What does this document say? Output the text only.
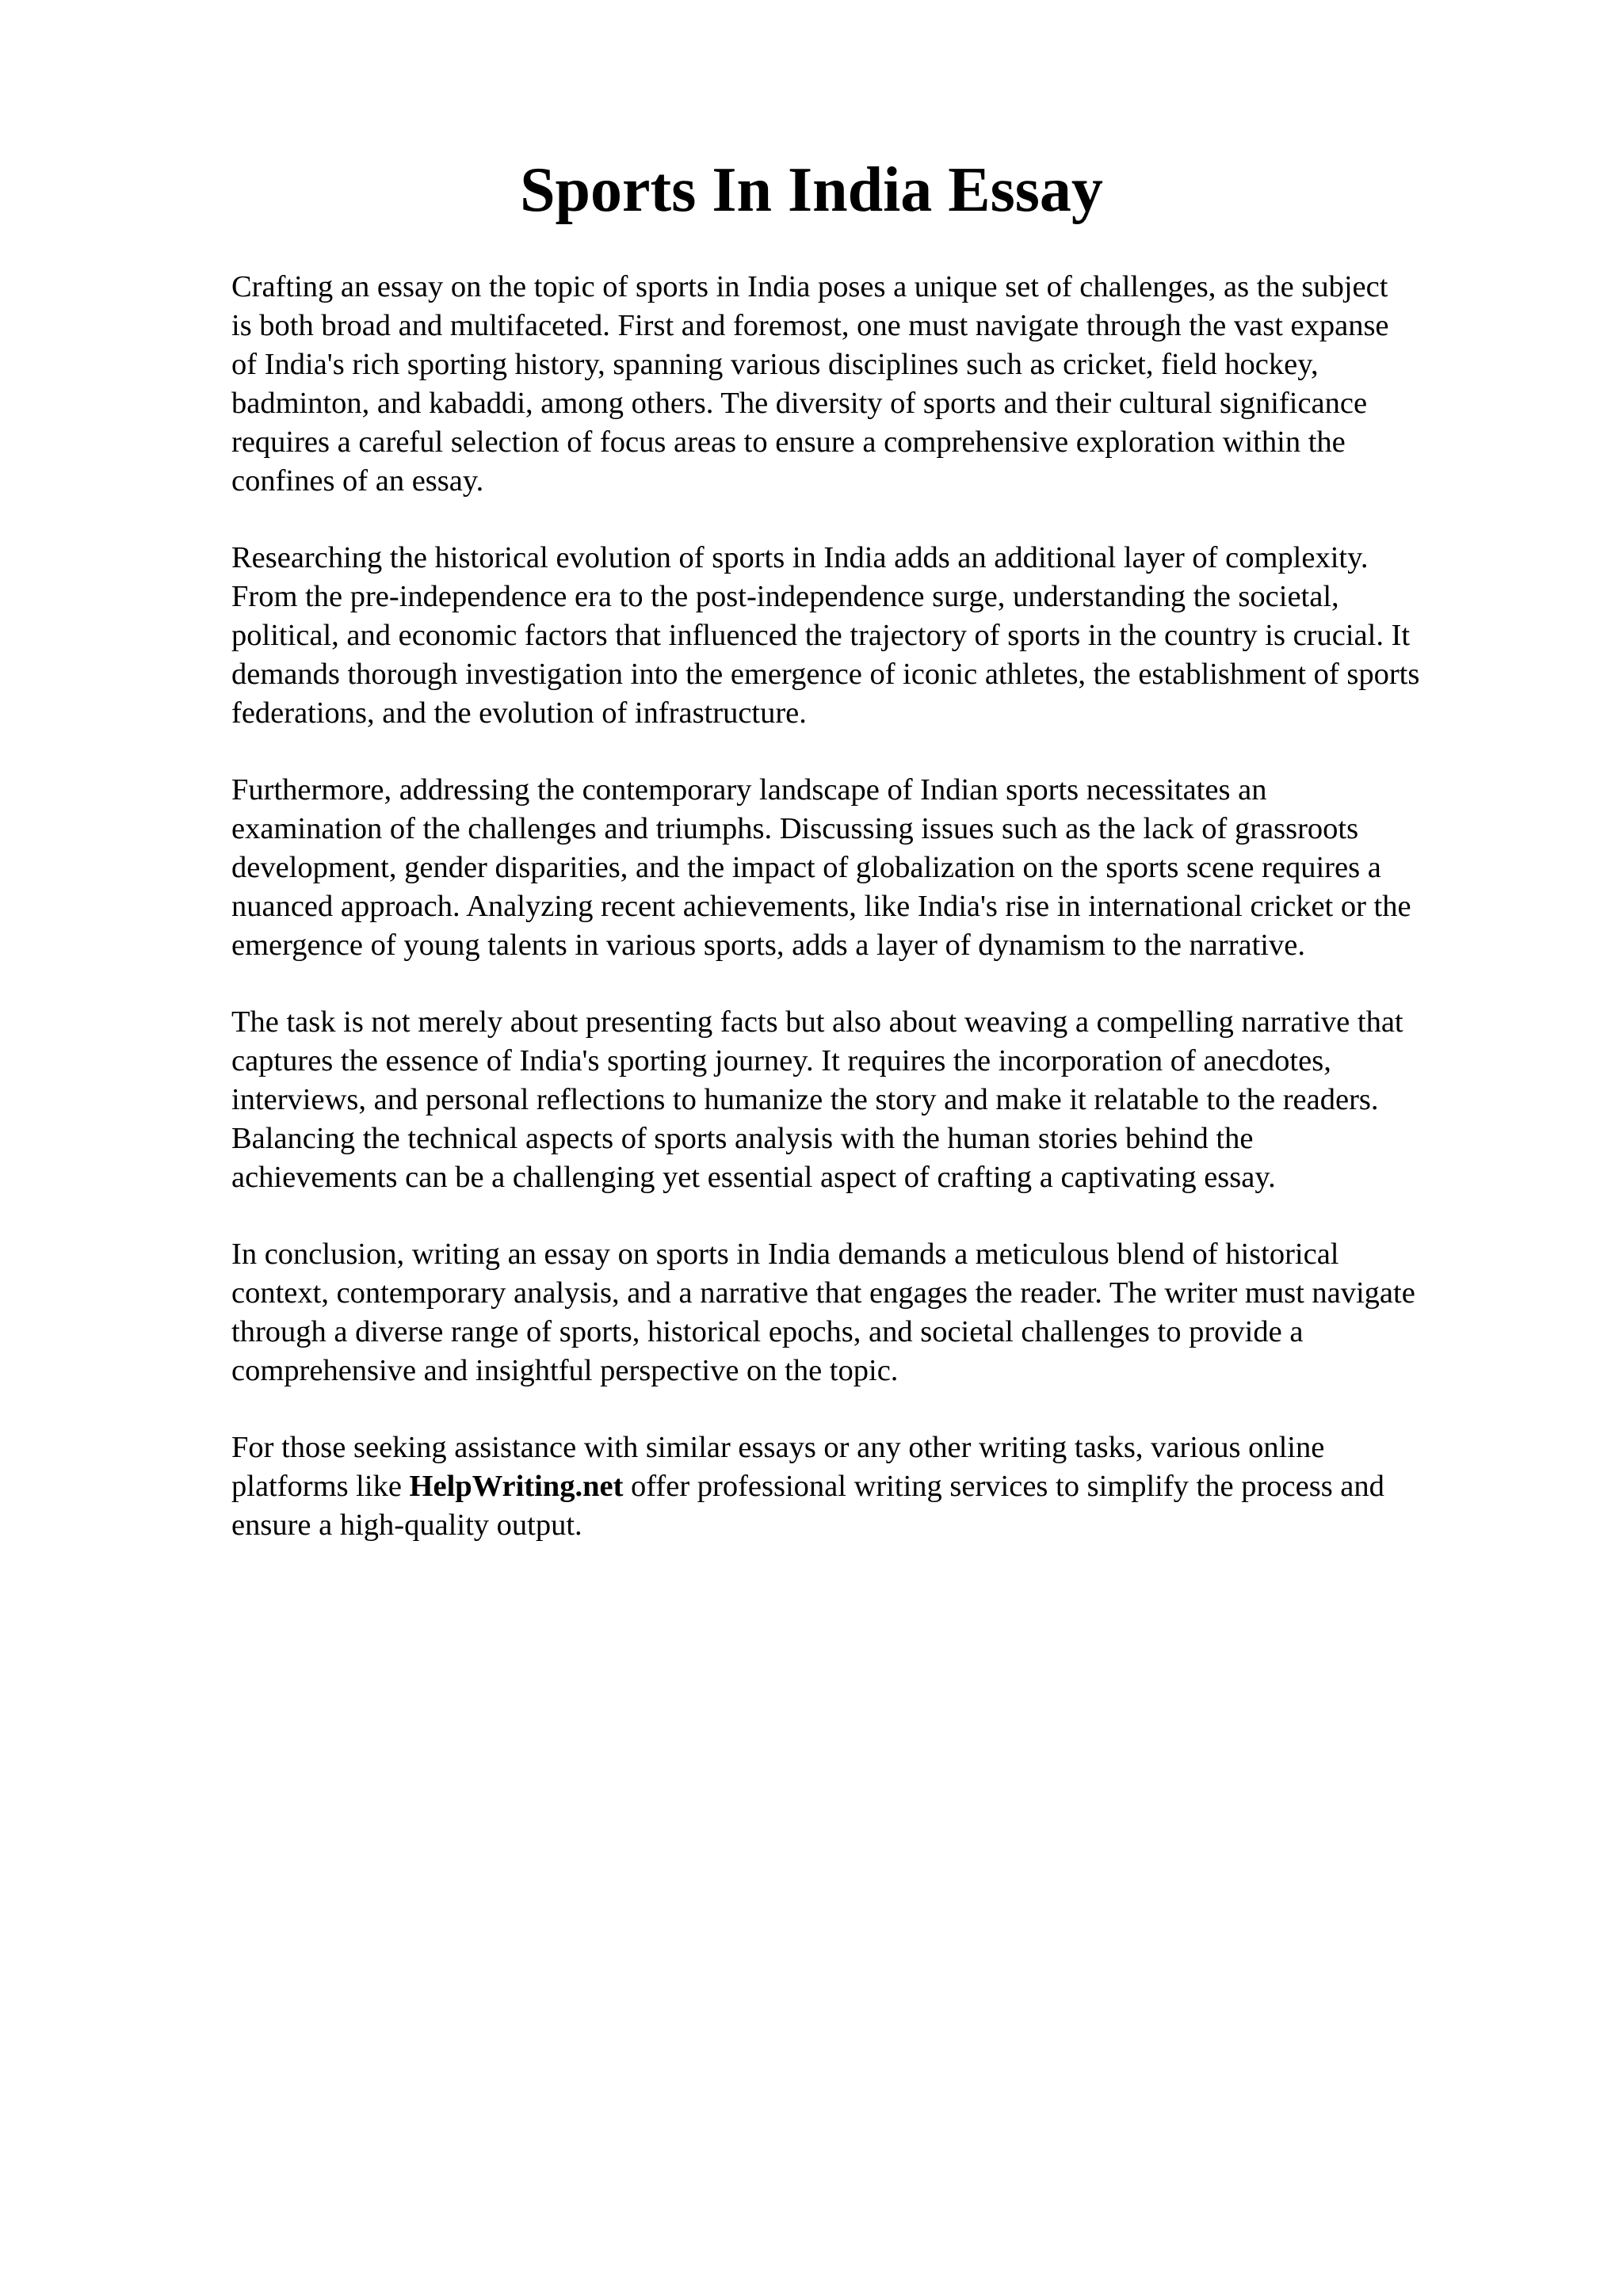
Sports In India Essay

Crafting an essay on the topic of sports in India poses a unique set of challenges, as the subject
is both broad and multifaceted. First and foremost, one must navigate through the vast expanse
of India's rich sporting history, spanning various disciplines such as cricket, field hockey,
badminton, and kabaddi, among others. The diversity of sports and their cultural significance
requires a careful selection of focus areas to ensure a comprehensive exploration within the
confines of an essay.

Researching the historical evolution of sports in India adds an additional layer of complexity.
From the pre-independence era to the post-independence surge, understanding the societal,
political, and economic factors that influenced the trajectory of sports in the country is crucial. It
demands thorough investigation into the emergence of iconic athletes, the establishment of sports
federations, and the evolution of infrastructure.

Furthermore, addressing the contemporary landscape of Indian sports necessitates an
examination of the challenges and triumphs. Discussing issues such as the lack of grassroots
development, gender disparities, and the impact of globalization on the sports scene requires a
nuanced approach. Analyzing recent achievements, like India's rise in international cricket or the
emergence of young talents in various sports, adds a layer of dynamism to the narrative.

The task is not merely about presenting facts but also about weaving a compelling narrative that
captures the essence of India's sporting journey. It requires the incorporation of anecdotes,
interviews, and personal reflections to humanize the story and make it relatable to the readers.
Balancing the technical aspects of sports analysis with the human stories behind the
achievements can be a challenging yet essential aspect of crafting a captivating essay.

In conclusion, writing an essay on sports in India demands a meticulous blend of historical
context, contemporary analysis, and a narrative that engages the reader. The writer must navigate
through a diverse range of sports, historical epochs, and societal challenges to provide a
comprehensive and insightful perspective on the topic.

For those seeking assistance with similar essays or any other writing tasks, various online
platforms like HelpWriting.net offer professional writing services to simplify the process and
ensure a high-quality output.
